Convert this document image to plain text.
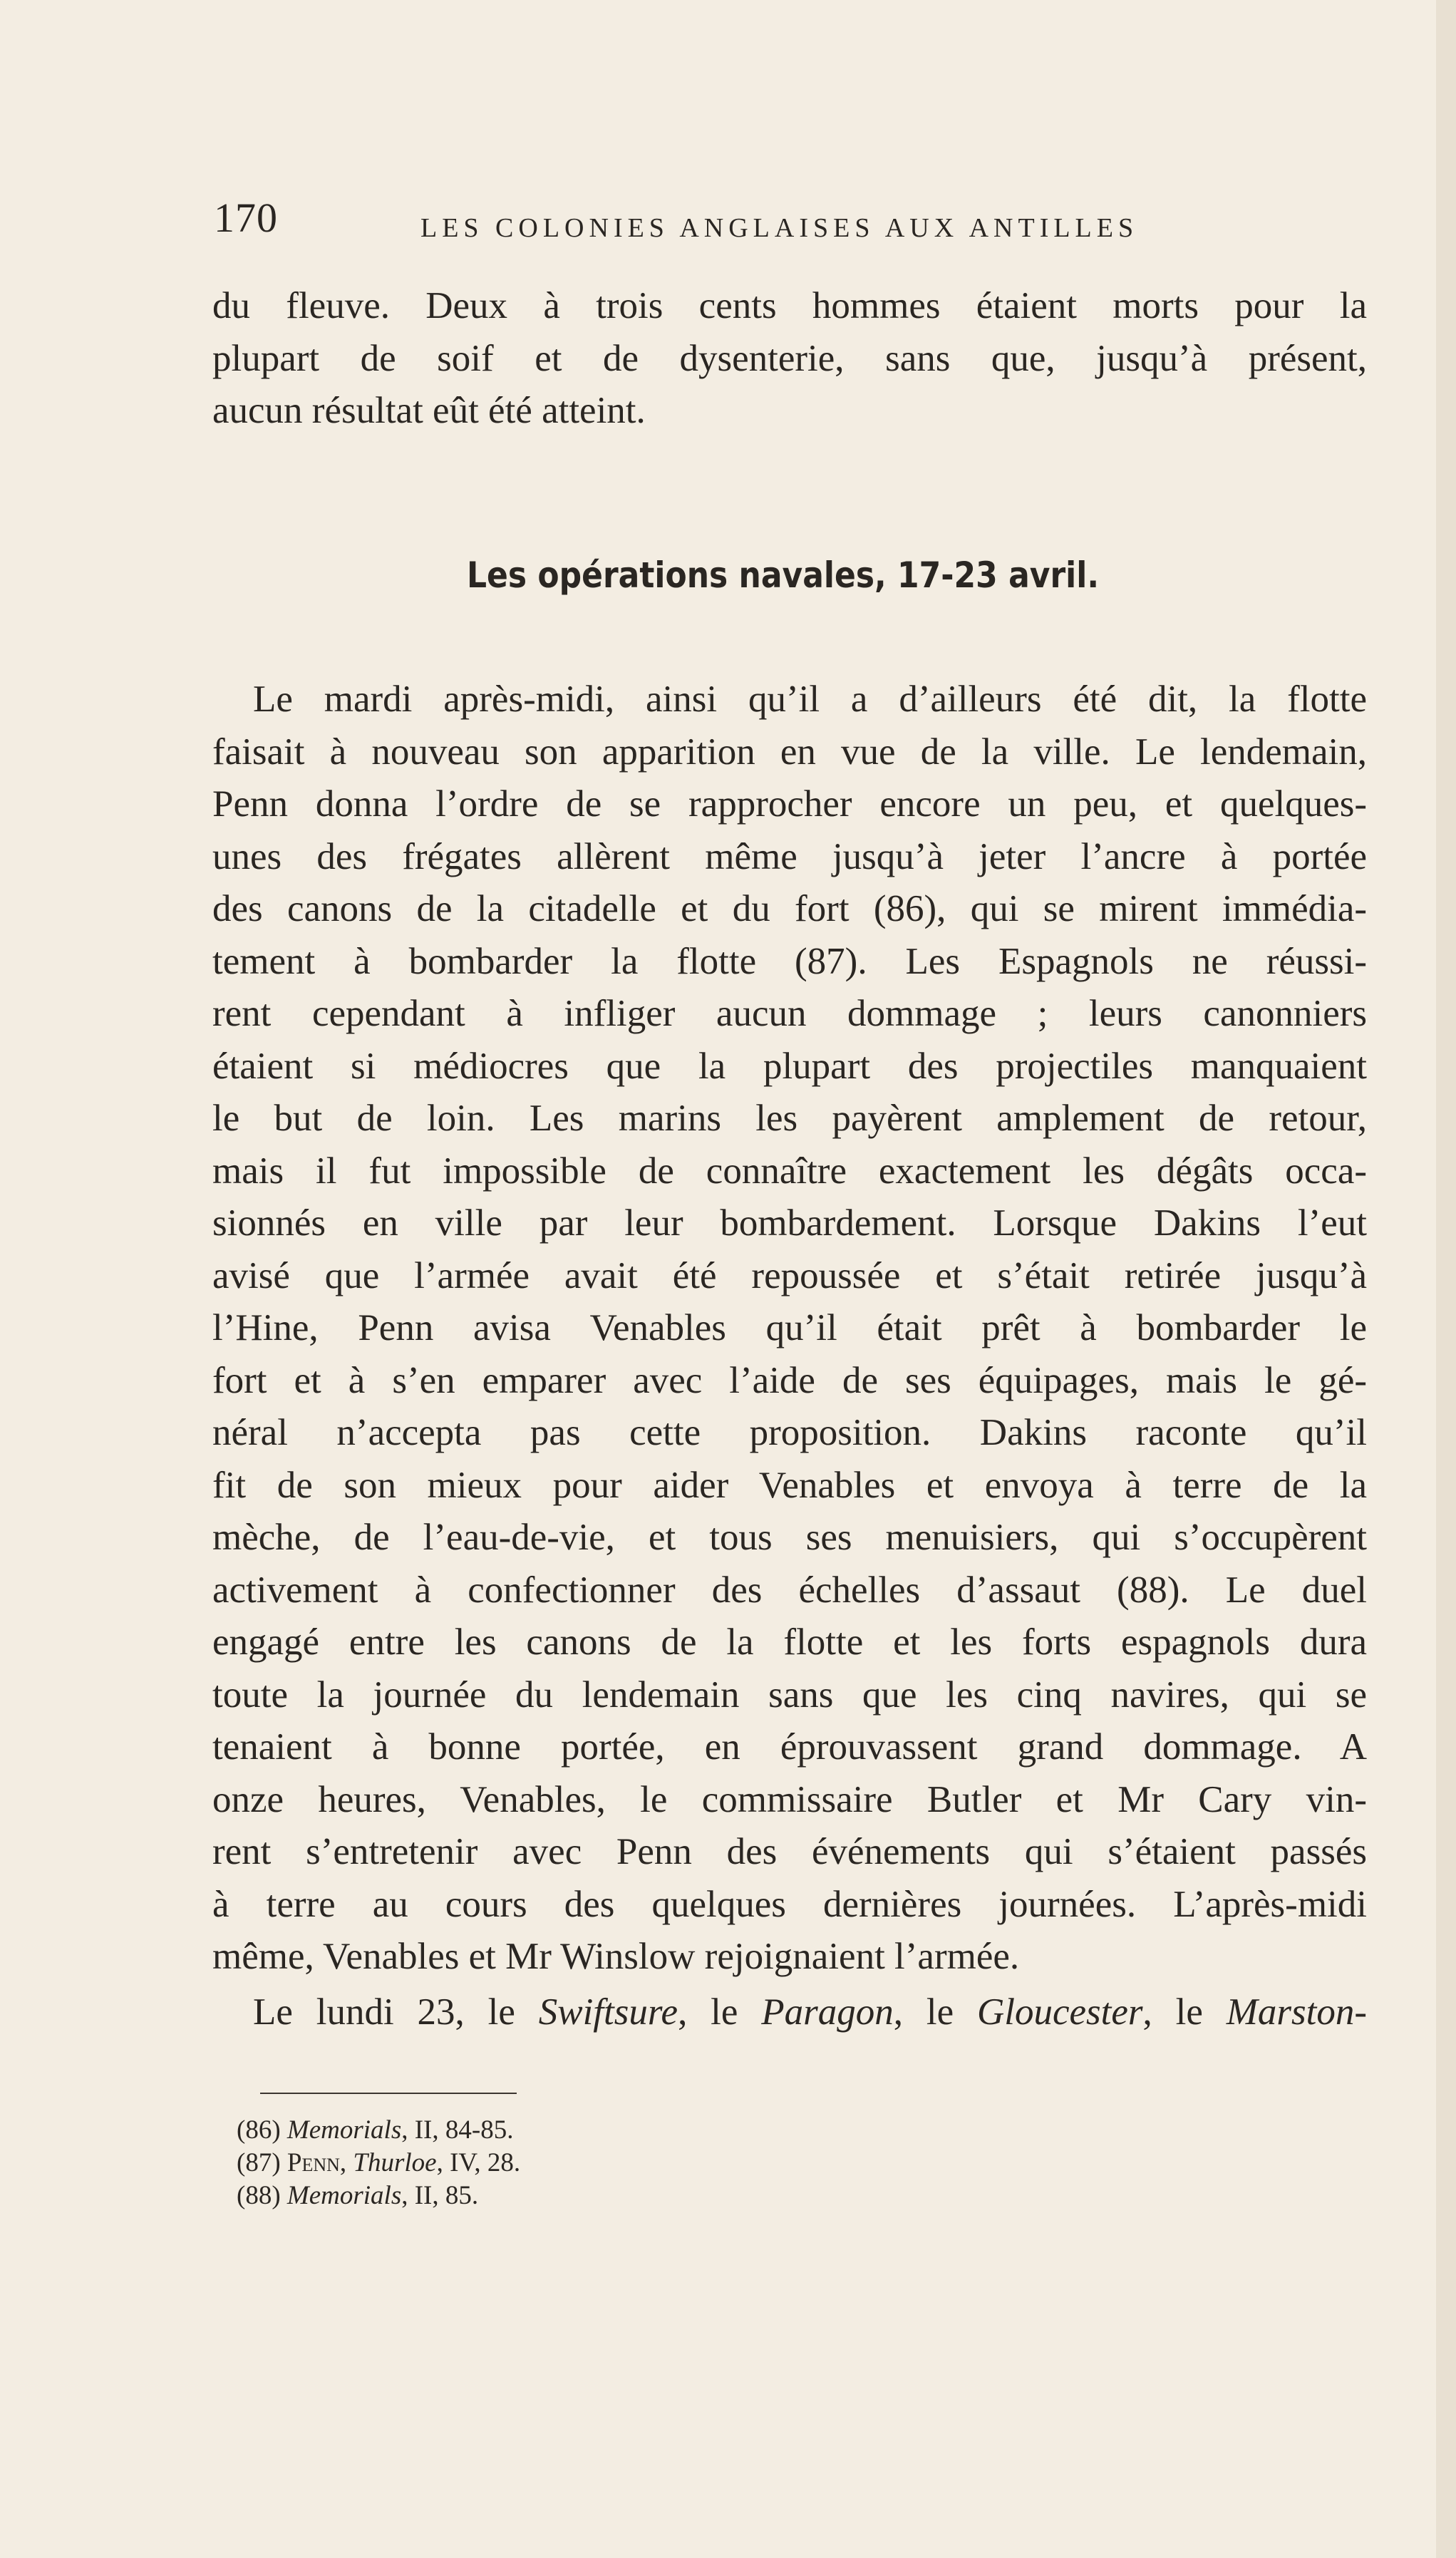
170	LES COLONIES ANGLAISES AUX ANTILLES
du fleuve. Deux à trois cents hommes étaient morts pour la
plupart de soif et de dysenterie, sans que, jusqu’à présent,
aucun résultat eût été atteint.
Les opérations navales, 17-23 avril.
Le mardi après-midi, ainsi qu’il a d’ailleurs été dit, la flotte
faisait à nouveau son apparition en vue de la ville. Le lendemain,
Penn donna l’ordre de se rapprocher encore un peu, et quelques-
unes des frégates allèrent même jusqu’à jeter l’ancre à portée
des canons de la citadelle et du fort (86), qui se mirent immédia-
tement à bombarder la flotte (87). Les Espagnols ne réussi-
rent cependant à infliger aucun dommage ; leurs canonniers
étaient si médiocres que la plupart des projectiles manquaient
le but de loin. Les marins les payèrent amplement de retour,
mais il fut impossible de connaître exactement les dégâts occa-
sionnés en ville par leur bombardement. Lorsque Dakins l’eut
avisé que l’armée avait été repoussée et s’était retirée jusqu’à
l’Hine, Penn avisa Venables qu’il était prêt à bombarder le
fort et à s’en emparer avec l’aide de ses équipages, mais le gé-
néral n’accepta pas cette proposition. Dakins raconte qu’il
fit de son mieux pour aider Venables et envoya à terre de la
mèche, de l’eau-de-vie, et tous ses menuisiers, qui s’occupèrent
activement à confectionner des échelles d’assaut (88). Le duel
engagé entre les canons de la flotte et les forts espagnols dura
toute la journée du lendemain sans que les cinq navires, qui se
tenaient à bonne portée, en éprouvassent grand dommage. A
onze heures, Venables, le commissaire Butler et Mr Cary vin-
rent s’entretenir avec Penn des événements qui s’étaient passés
à terre au cours des quelques dernières journées. L’après-midi
même, Venables et Mr Winslow rejoignaient l’armée.
Le lundi 23, le Swiftsure, le Paragon, le Gloucester, le Marston-
(86) Memorials, II, 84-85.
(87) Penn, Thurloe, IV, 28.
(88) Memorials, II, 85.
